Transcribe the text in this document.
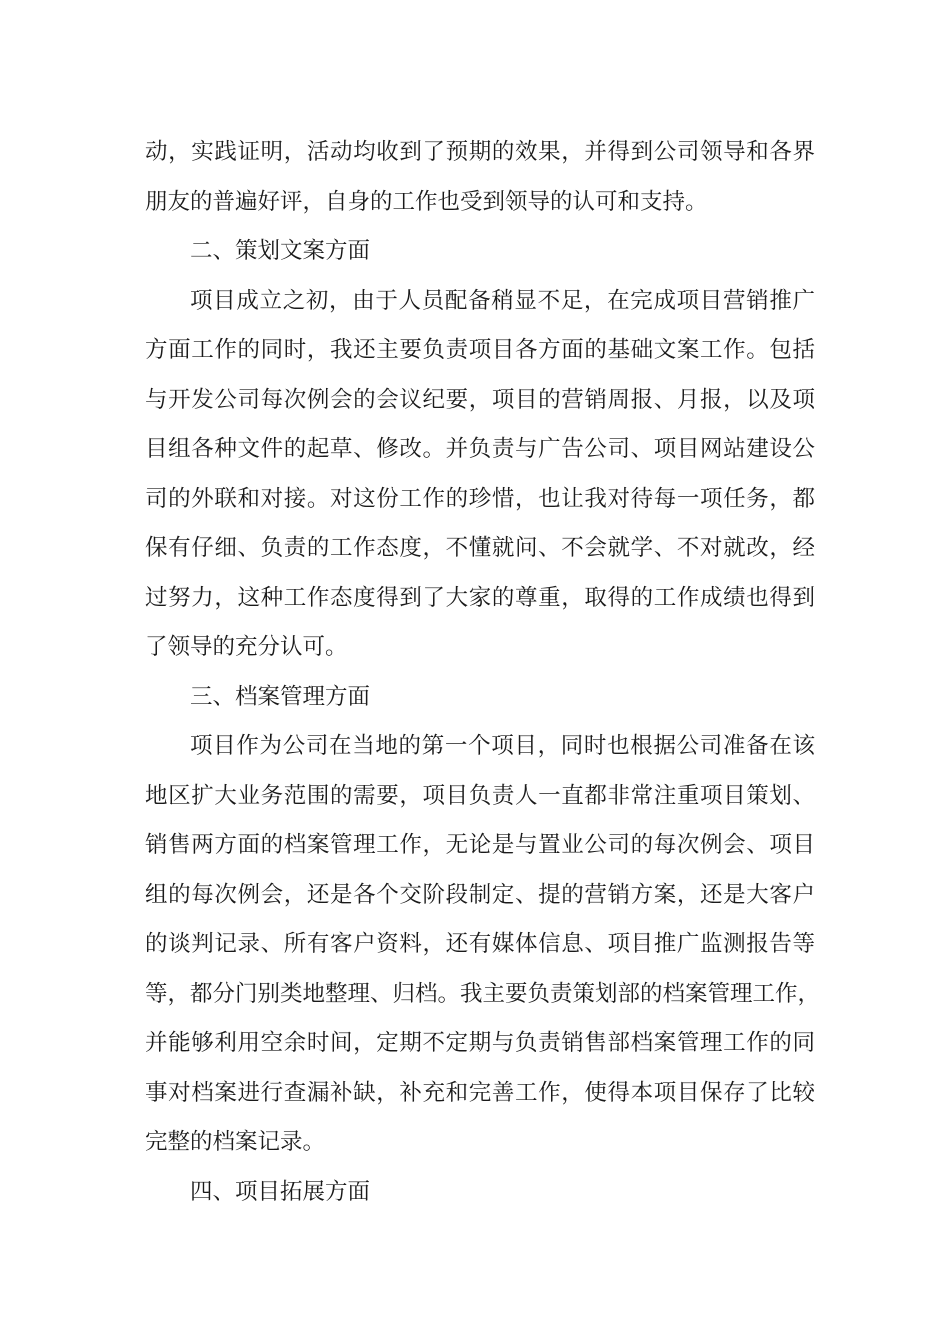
动，实践证明，活动均收到了预期的效果，并得到公司领导和各界
朋友的普遍好评，自身的工作也受到领导的认可和支持。
二、策划文案方面
项目成立之初，由于人员配备稍显不足，在完成项目营销推广
方面工作的同时，我还主要负责项目各方面的基础文案工作。包括
与开发公司每次例会的会议纪要，项目的营销周报、月报，以及项
目组各种文件的起草、修改。并负责与广告公司、项目网站建设公
司的外联和对接。对这份工作的珍惜，也让我对待每一项任务，都
保有仔细、负责的工作态度，不懂就问、不会就学、不对就改，经
过努力，这种工作态度得到了大家的尊重，取得的工作成绩也得到
了领导的充分认可。
三、档案管理方面
项目作为公司在当地的第一个项目，同时也根据公司准备在该
地区扩大业务范围的需要，项目负责人一直都非常注重项目策划、
销售两方面的档案管理工作，无论是与置业公司的每次例会、项目
组的每次例会，还是各个交阶段制定、提的营销方案，还是大客户
的谈判记录、所有客户资料，还有媒体信息、项目推广监测报告等
等，都分门别类地整理、归档。我主要负责策划部的档案管理工作，
并能够利用空余时间，定期不定期与负责销售部档案管理工作的同
事对档案进行查漏补缺，补充和完善工作，使得本项目保存了比较
完整的档案记录。
四、项目拓展方面
